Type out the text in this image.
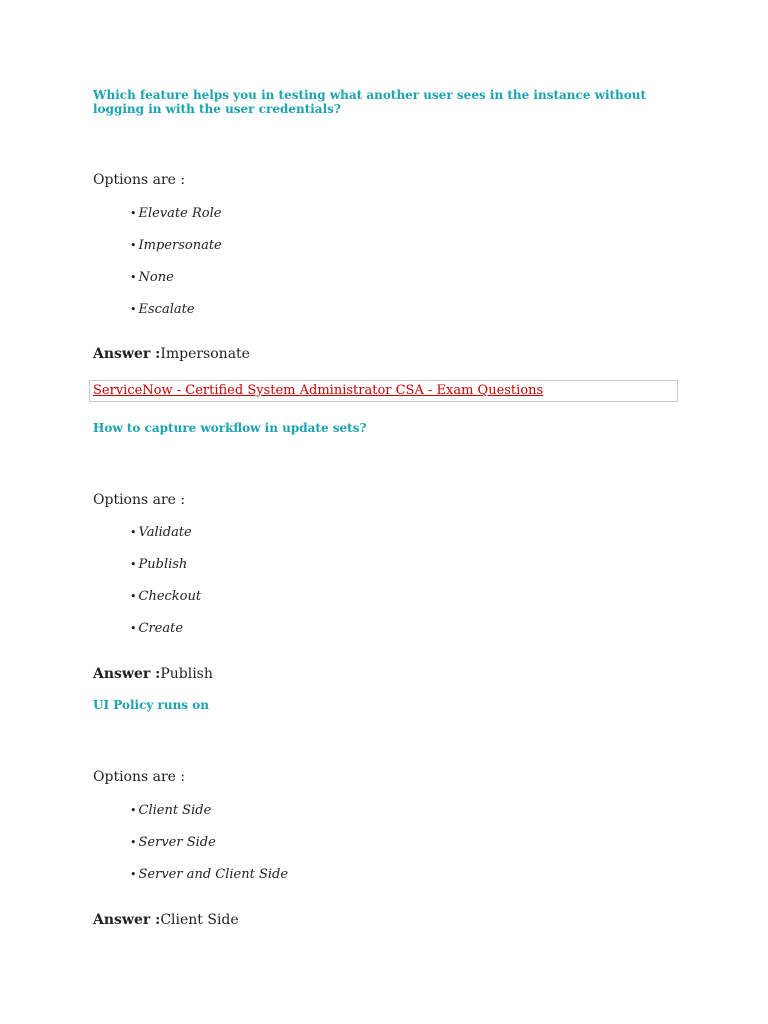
Which feature helps you in testing what another user sees in the instance without logging in with the user credentials?

Options are :

• Elevate Role
• Impersonate
• None
• Escalate

Answer :Impersonate

ServiceNow - Certified System Administrator CSA - Exam Questions

How to capture workflow in update sets?

Options are :

• Validate
• Publish
• Checkout
• Create

Answer :Publish

UI Policy runs on

Options are :

• Client Side
• Server Side
• Server and Client Side

Answer :Client Side
